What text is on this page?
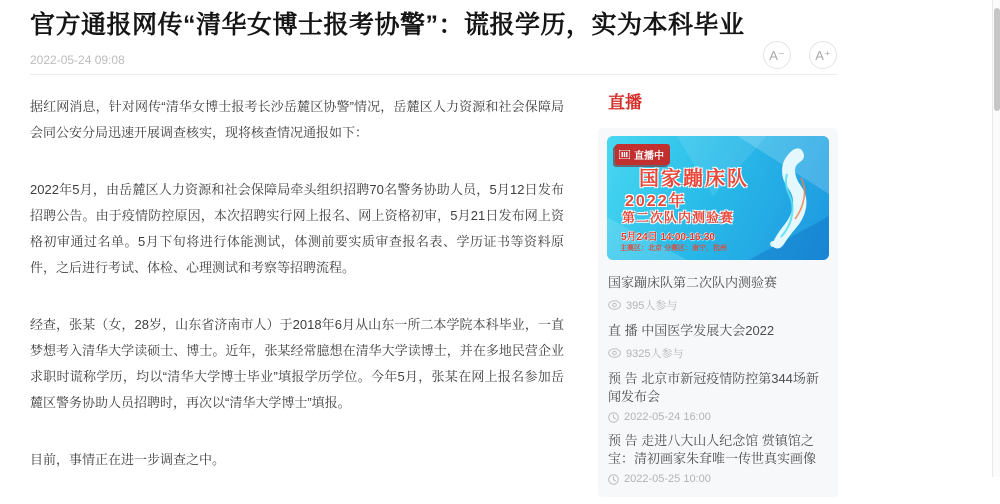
官方通报网传“清华女博士报考协警”：谎报学历，实为本科毕业
2022-05-24 09:08	A⁻	A⁺

据红网消息，针对网传“清华女博士报考长沙岳麓区协警”情况，岳麓区人力资源和社会保障局会同公安分局迅速开展调查核实，现将核查情况通报如下：

2022年5月，由岳麓区人力资源和社会保障局牵头组织招聘70名警务协助人员，5月12日发布招聘公告。由于疫情防控原因，本次招聘实行网上报名、网上资格初审，5月21日发布网上资格初审通过名单。5月下旬将进行体能测试，体测前要实质审查报名表、学历证书等资料原件，之后进行考试、体检、心理测试和考察等招聘流程。

经查，张某（女，28岁，山东省济南市人）于2018年6月从山东一所二本学院本科毕业，一直梦想考入清华大学读硕士、博士。近年，张某经常臆想在清华大学读博士，并在多地民营企业求职时谎称学历，均以“清华大学博士毕业”填报学历学位。今年5月，张某在网上报名参加岳麓区警务协助人员招聘时，再次以“清华大学博士”填报。

目前，事情正在进一步调查之中。

直播
直播中
国家蹦床队
2022年
第二次队内测验赛
5月24日 14:00-16:30
主赛区：北京 分赛区：南宁，杭州
国家蹦床队第二次队内测验赛
395人参与
直 播 中国医学发展大会2022
9325人参与
预 告 北京市新冠疫情防控第344场新闻发布会
2022-05-24 16:00
预 告 走进八大山人纪念馆 赏镇馆之宝：清初画家朱耷唯一传世真实画像
2022-05-25 10:00
